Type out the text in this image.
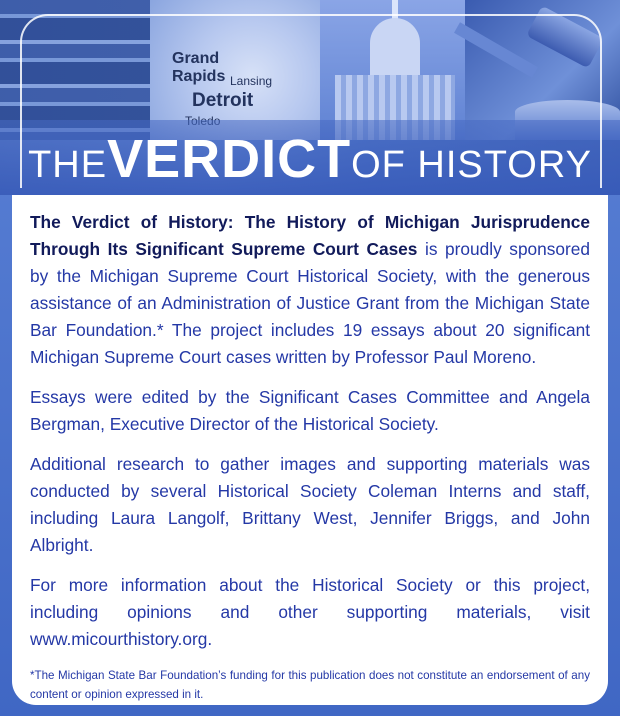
Grand
Rapids Lansing
Detroit
THEVERDICTOF HISTORY

The Verdict of History: The History of Michigan Jurisprudence Through Its Significant Supreme Court Cases is proudly sponsored by the Michigan Supreme Court Historical Society, with the generous assistance of an Administration of Justice Grant from the Michigan State Bar Foundation.* The project includes 19 essays about 20 significant Michigan Supreme Court cases written by Professor Paul Moreno.

Essays were edited by the Significant Cases Committee and Angela Bergman, Executive Director of the Historical Society.

Additional research to gather images and supporting materials was conducted by several Historical Society Coleman Interns and staff, including Laura Langolf, Brittany West, Jennifer Briggs, and John Albright.

For more information about the Historical Society or this project, including opinions and other supporting materials, visit www.micourthistory.org.

*The Michigan State Bar Foundation’s funding for this publication does not constitute an endorsement of any content or opinion expressed in it.
